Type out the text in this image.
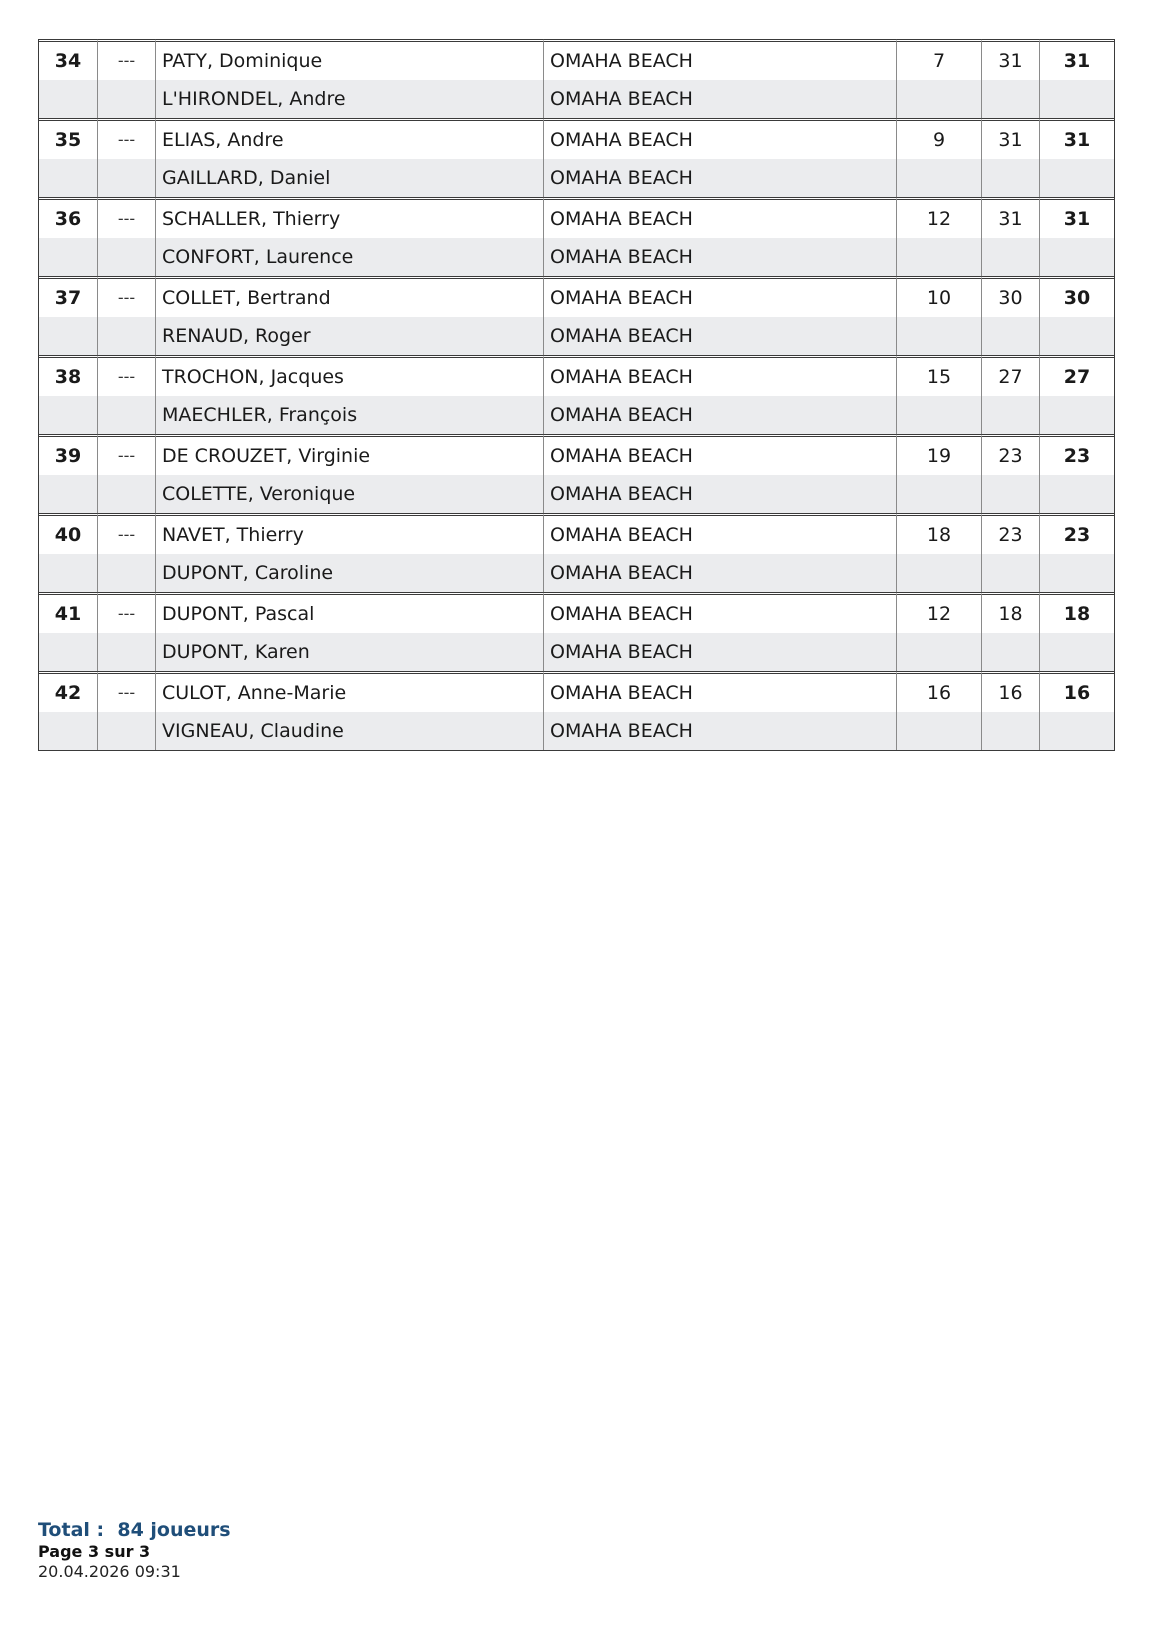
34	---	PATY, Dominique	OMAHA BEACH	7	31	31
		L'HIRONDEL, Andre	OMAHA BEACH			
35	---	ELIAS, Andre	OMAHA BEACH	9	31	31
		GAILLARD, Daniel	OMAHA BEACH			
36	---	SCHALLER, Thierry	OMAHA BEACH	12	31	31
		CONFORT, Laurence	OMAHA BEACH			
37	---	COLLET, Bertrand	OMAHA BEACH	10	30	30
		RENAUD, Roger	OMAHA BEACH			
38	---	TROCHON, Jacques	OMAHA BEACH	15	27	27
		MAECHLER, François	OMAHA BEACH			
39	---	DE CROUZET, Virginie	OMAHA BEACH	19	23	23
		COLETTE, Veronique	OMAHA BEACH			
40	---	NAVET, Thierry	OMAHA BEACH	18	23	23
		DUPONT, Caroline	OMAHA BEACH			
41	---	DUPONT, Pascal	OMAHA BEACH	12	18	18
		DUPONT, Karen	OMAHA BEACH			
42	---	CULOT, Anne-Marie	OMAHA BEACH	16	16	16
		VIGNEAU, Claudine	OMAHA BEACH			
Total :  84 joueurs
Page 3 sur 3
20.04.2026 09:31
